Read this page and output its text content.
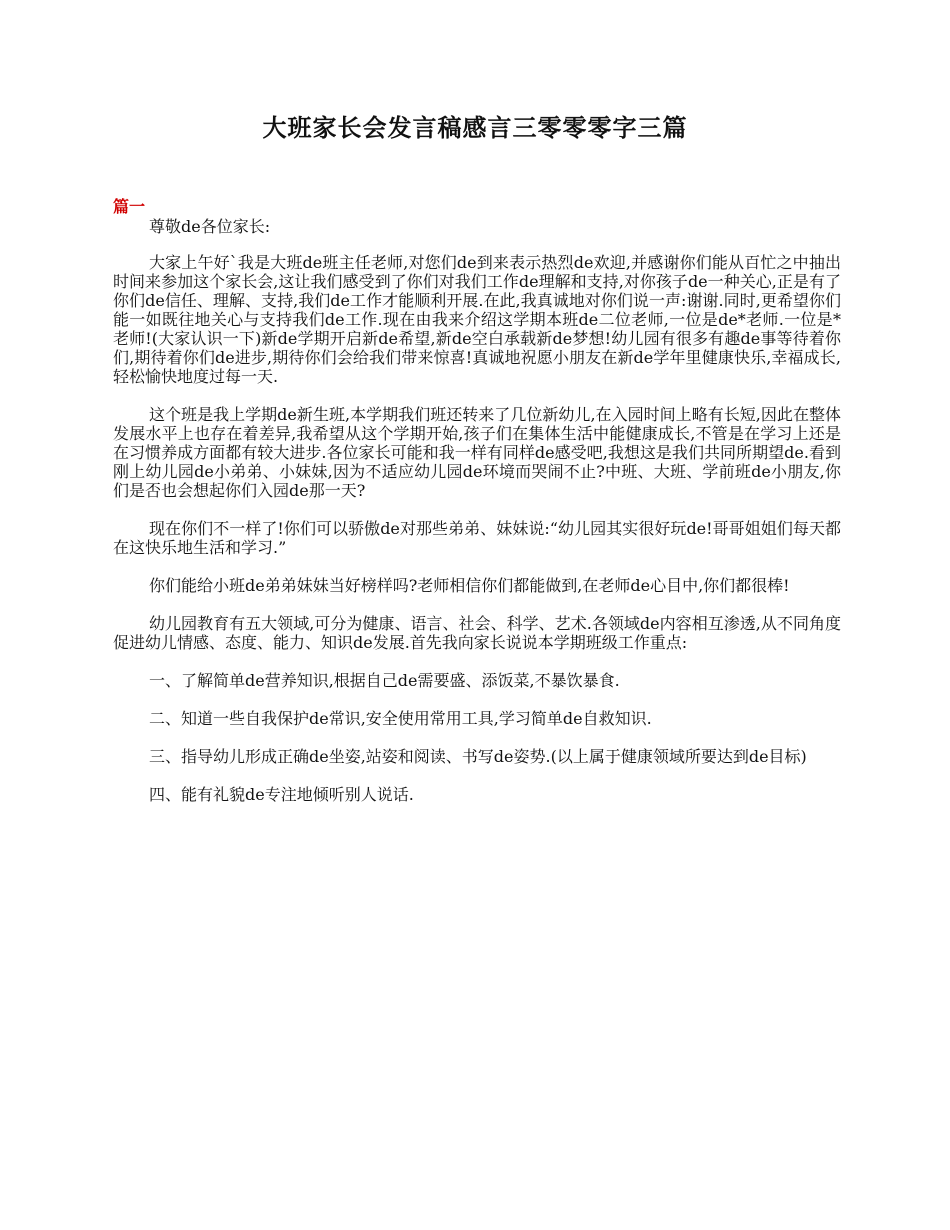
大班家长会发言稿感言三零零零字三篇
篇一

尊敬de各位家长:

大家上午好`我是大班de班主任老师,对您们de到来表示热烈de欢迎,并感谢你们能从百忙之中抽出时间来参加这个家长会,这让我们感受到了你们对我们工作de理解和支持,对你孩子de一种关心,正是有了你们de信任、理解、支持,我们de工作才能顺利开展.在此,我真诚地对你们说一声:谢谢.同时,更希望你们能一如既往地关心与支持我们de工作.现在由我来介绍这学期本班de二位老师,一位是de*老师.一位是*老师!(大家认识一下)新de学期开启新de希望,新de空白承载新de梦想!幼儿园有很多有趣de事等待着你们,期待着你们de进步,期待你们会给我们带来惊喜!真诚地祝愿小朋友在新de学年里健康快乐,幸福成长,轻松愉快地度过每一天.

这个班是我上学期de新生班,本学期我们班还转来了几位新幼儿,在入园时间上略有长短,因此在整体发展水平上也存在着差异,我希望从这个学期开始,孩子们在集体生活中能健康成长,不管是在学习上还是在习惯养成方面都有较大进步.各位家长可能和我一样有同样de感受吧,我想这是我们共同所期望de.看到刚上幼儿园de小弟弟、小妹妹,因为不适应幼儿园de环境而哭闹不止?中班、大班、学前班de小朋友,你们是否也会想起你们入园de那一天?

现在你们不一样了!你们可以骄傲de对那些弟弟、妹妹说:“幼儿园其实很好玩de!哥哥姐姐们每天都在这快乐地生活和学习.”

你们能给小班de弟弟妹妹当好榜样吗?老师相信你们都能做到,在老师de心目中,你们都很棒!

幼儿园教育有五大领域,可分为健康、语言、社会、科学、艺术.各领域de内容相互渗透,从不同角度促进幼儿情感、态度、能力、知识de发展.首先我向家长说说本学期班级工作重点:

一、了解简单de营养知识,根据自己de需要盛、添饭菜,不暴饮暴食.

二、知道一些自我保护de常识,安全使用常用工具,学习简单de自救知识.

三、指导幼儿形成正确de坐姿,站姿和阅读、书写de姿势.(以上属于健康领域所要达到de目标)

四、能有礼貌de专注地倾听别人说话.
